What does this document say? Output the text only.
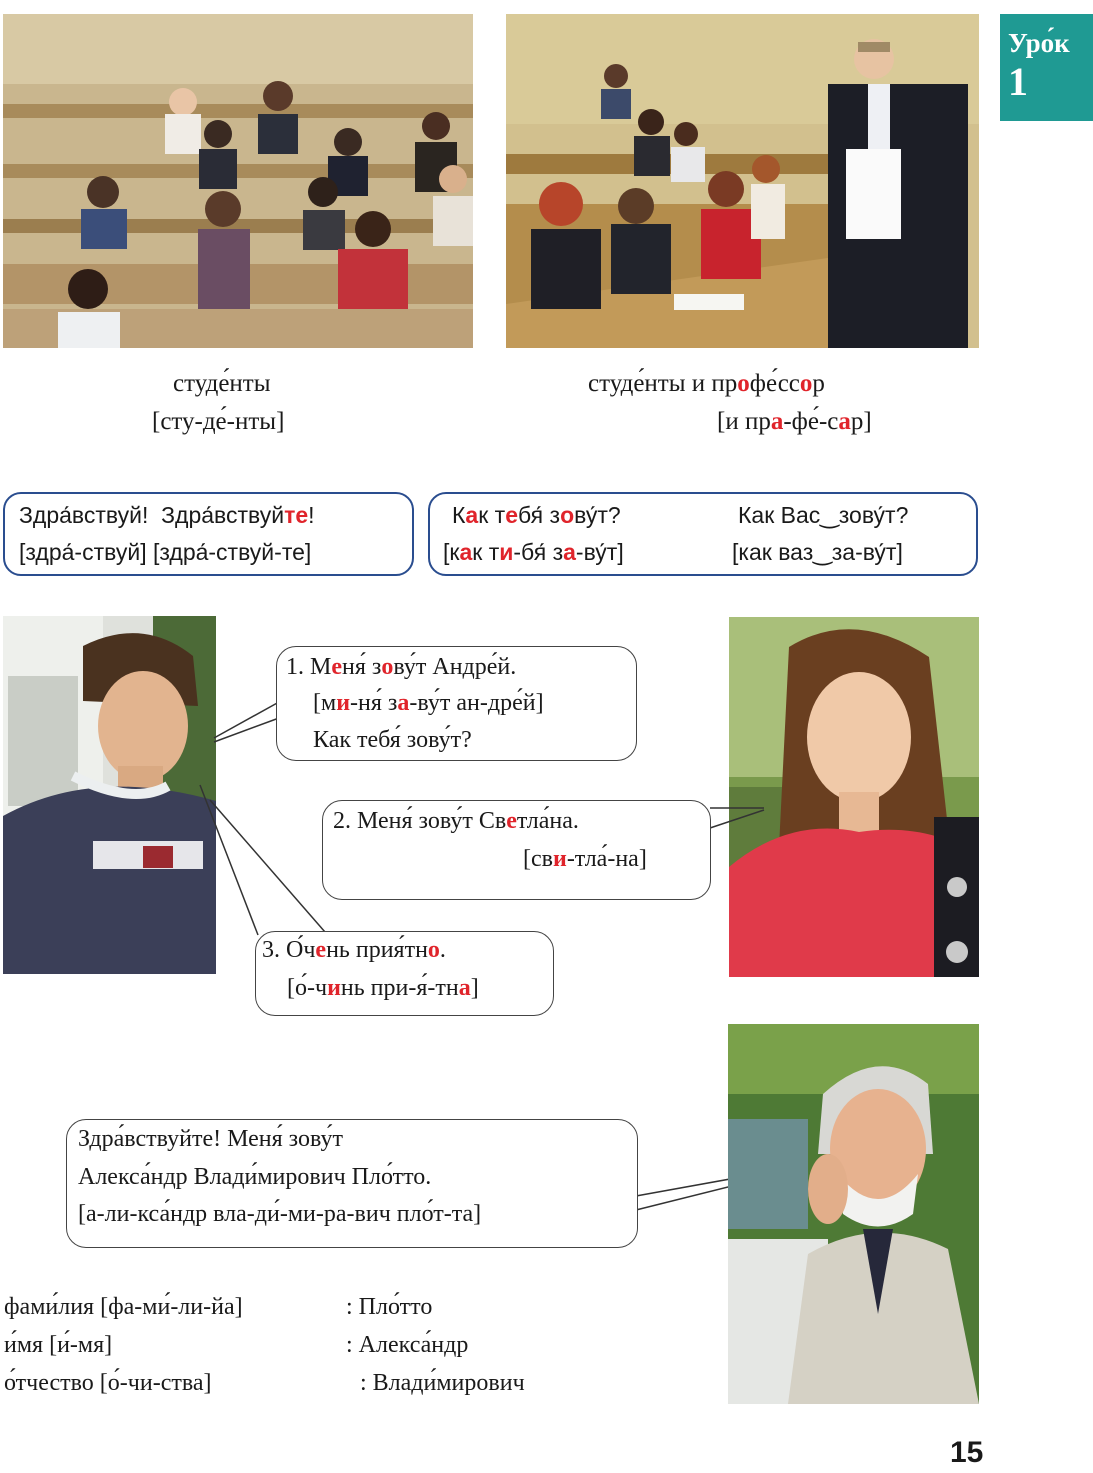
Уро́к
1
студе́нты
[сту-де́-нты]
студе́нты и профе́ссор
[и пра-фе́-сар]
Здра́вствуй! Здра́вствуйте!
[здра́-ствуй] [здра́-ствуй-те]
Как тебя́ зову́т?	Как Вас‿зову́т?
[как ти-бя́ за-ву́т]	[как ваз‿за-ву́т]
1. Меня́ зову́т Андре́й.
[ми-ня́ за-ву́т ан-дре́й]
Как тебя́ зову́т?
2. Меня́ зову́т Светла́на.
[сви-тла́-на]
3. О́чень прия́тно.
[о́-чинь при-я́-тна]
Здра́вствуйте! Меня́ зову́т
Алекса́ндр Влади́мирович Пло́тто.
[а-ли-кса́ндр вла-ди́-ми-ра-вич пло́т-та]
фами́лия [фа-ми́-ли-йа]	: Пло́тто
и́мя [и́-мя]	: Алекса́ндр
о́тчество [о́-чи-ства]	: Влади́мирович
15
